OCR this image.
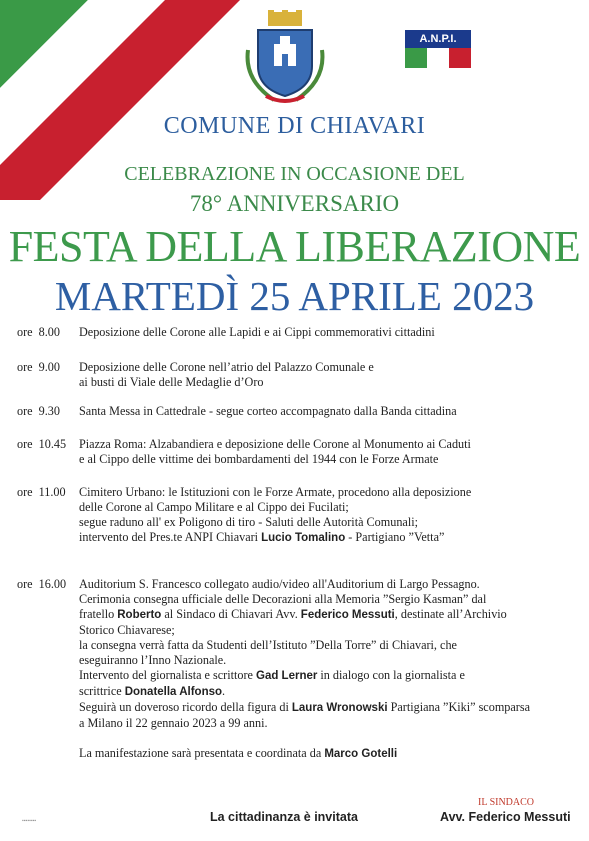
A.N.P.I.
COMUNE DI CHIAVARI
CELEBRAZIONE IN OCCASIONE DEL
78° ANNIVERSARIO
FESTA DELLA LIBERAZIONE
MARTEDÌ 25 APRILE 2023
ore  8.00	Deposizione delle Corone alle Lapidi e ai Cippi commemorativi cittadini
ore  9.00	Deposizione delle Corone nell’atrio del Palazzo Comunale e
ai busti di Viale delle Medaglie d’Oro
ore  9.30	Santa Messa in Cattedrale - segue corteo accompagnato dalla Banda cittadina
ore  10.45	Piazza Roma: Alzabandiera e deposizione delle Corone al Monumento ai Caduti
e al Cippo delle vittime dei bombardamenti del 1944 con le Forze Armate
ore  11.00	Cimitero Urbano: le Istituzioni con le Forze Armate, procedono alla deposizione
delle Corone al Campo Militare e al Cippo dei Fucilati;
segue raduno all' ex Poligono di tiro - Saluti delle Autorità Comunali;
intervento del Pres.te ANPI Chiavari Lucio Tomalino - Partigiano ”Vetta”
ore  16.00	Auditorium S. Francesco collegato audio/video all'Auditorium di Largo Pessagno.
Cerimonia consegna ufficiale delle Decorazioni alla Memoria ”Sergio Kasman” dal
fratello Roberto al Sindaco di Chiavari Avv. Federico Messuti, destinate all’Archivio
Storico Chiavarese;
la consegna verrà fatta da Studenti dell’Istituto ”Della Torre” di Chiavari, che
eseguiranno l’Inno Nazionale.
Intervento del giornalista e scrittore Gad Lerner in dialogo con la giornalista e
scrittrice Donatella Alfonso.
Seguirà un doveroso ricordo della figura di Laura Wronowski Partigiana ”Kiki” scomparsa
a Milano il 22 gennaio 2023 a 99 anni.
La manifestazione sarà presentata e coordinata da Marco Gotelli
▪▪▪▪▪▪▪▪	La cittadinanza è invitata
IL SINDACO
Avv. Federico Messuti
